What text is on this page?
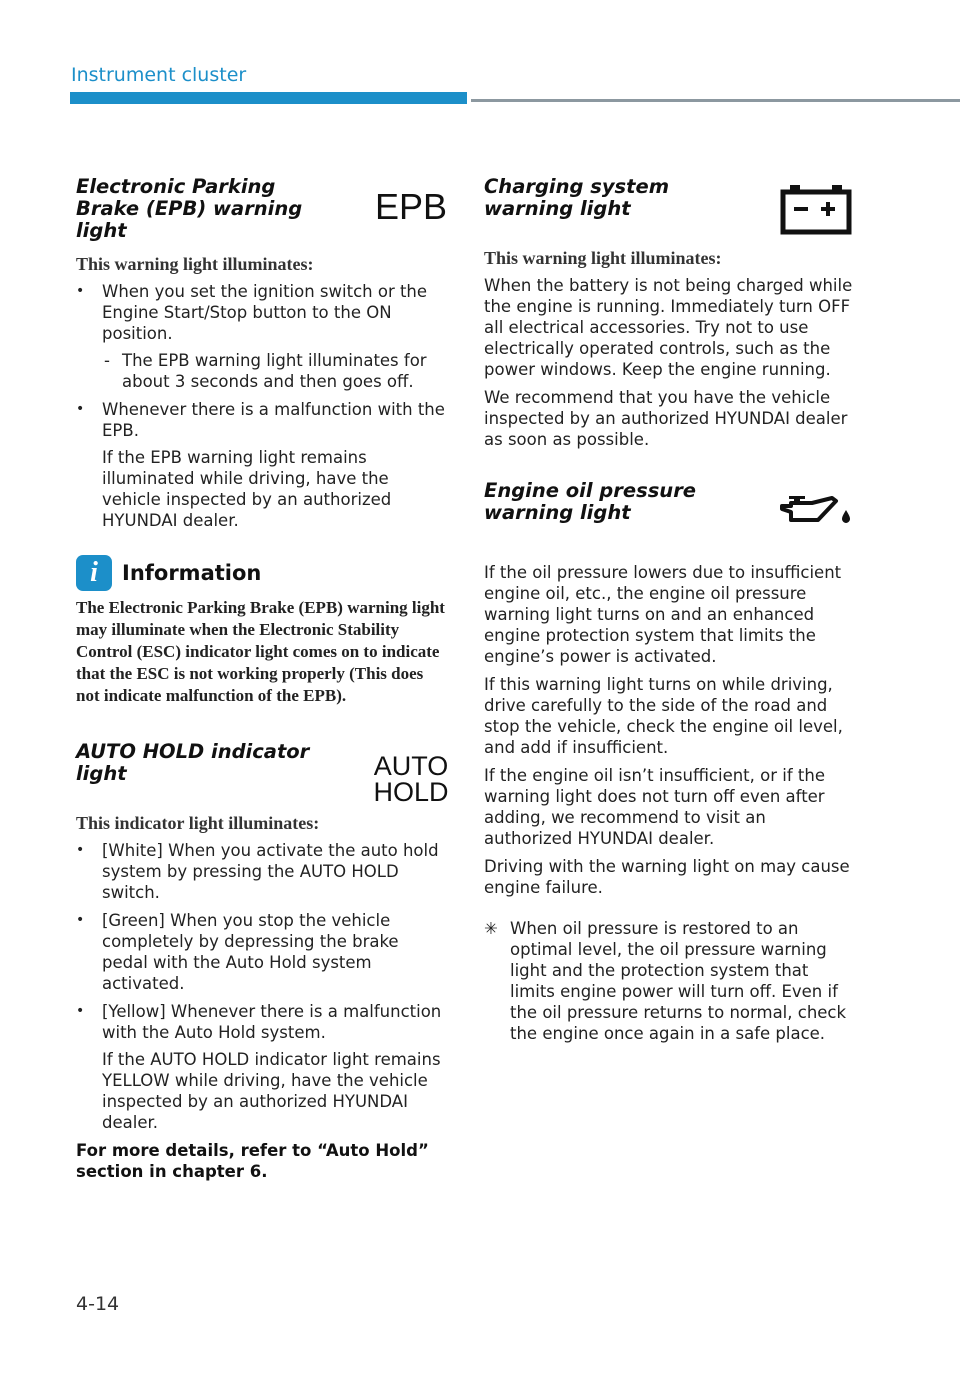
Instrument cluster
Electronic Parking Brake (EPB) warning light
EPB
This warning light illuminates:
• When you set the ignition switch or the Engine Start/Stop button to the ON position.
- The EPB warning light illuminates for about 3 seconds and then goes off.
• Whenever there is a malfunction with the EPB.
If the EPB warning light remains illuminated while driving, have the vehicle inspected by an authorized HYUNDAI dealer.
i	Information

The Electronic Parking Brake (EPB) warning light may illuminate when the Electronic Stability Control (ESC) indicator light comes on to indicate that the ESC is not working properly (This does not indicate malfunction of the EPB).

AUTO HOLD indicator light	AUTO
HOLD
This indicator light illuminates:
• [White] When you activate the auto hold system by pressing the AUTO HOLD switch.
• [Green] When you stop the vehicle completely by depressing the brake pedal with the Auto Hold system activated.
• [Yellow] Whenever there is a malfunction with the Auto Hold system.
If the AUTO HOLD indicator light remains YELLOW while driving, have the vehicle inspected by an authorized HYUNDAI dealer.
For more details, refer to “Auto Hold” section in chapter 6.
Charging system warning light
This warning light illuminates:

When the battery is not being charged while the engine is running. Immediately turn OFF all electrical accessories. Try not to use electrically operated controls, such as the power windows. Keep the engine running.

We recommend that you have the vehicle inspected by an authorized HYUNDAI dealer as soon as possible.

Engine oil pressure warning light

If the oil pressure lowers due to insufficient engine oil, etc., the engine oil pressure warning light turns on and an enhanced engine protection system that limits the engine’s power is activated.

If this warning light turns on while driving, drive carefully to the side of the road and stop the vehicle, check the engine oil level, and add if insufficient.

If the engine oil isn’t insufficient, or if the warning light does not turn off even after adding, we recommend to visit an authorized HYUNDAI dealer.

Driving with the warning light on may cause engine failure.

✳ When oil pressure is restored to an optimal level, the oil pressure warning light and the protection system that limits engine power will turn off. Even if the oil pressure returns to normal, check the engine once again in a safe place.
4-14
